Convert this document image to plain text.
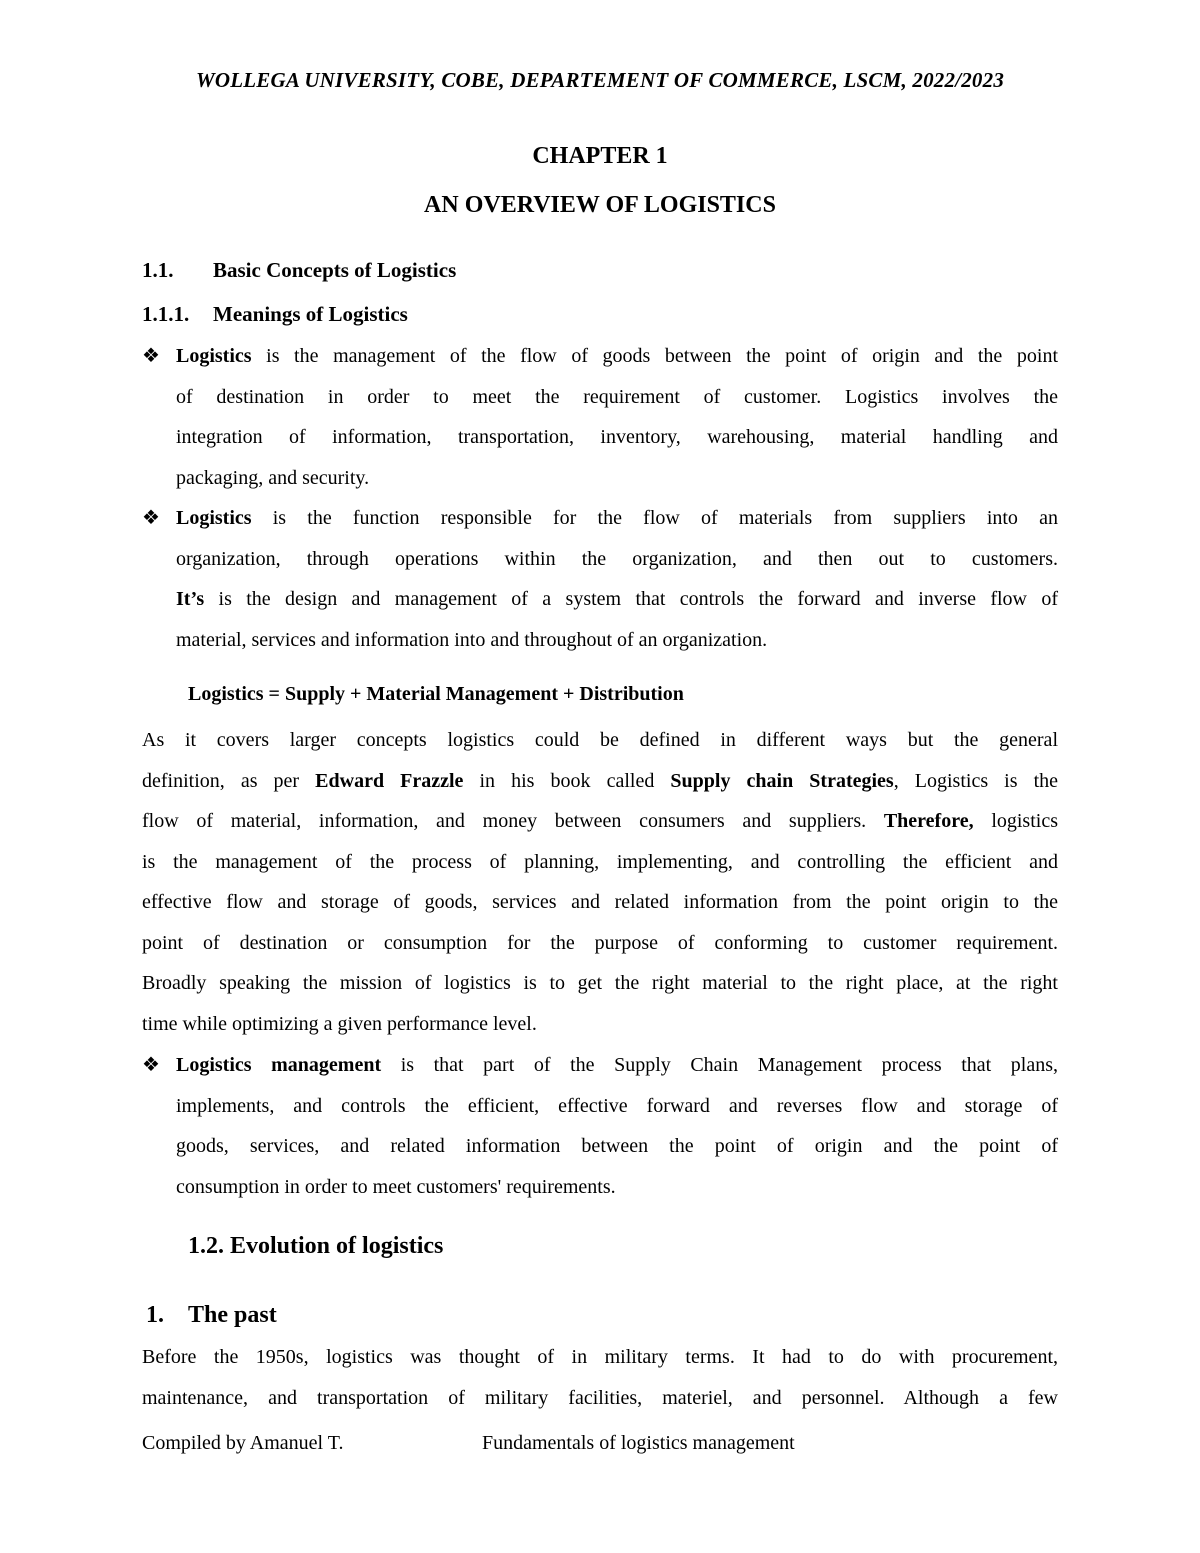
WOLLEGA UNIVERSITY, COBE, DEPARTEMENT OF COMMERCE, LSCM, 2022/2023
CHAPTER 1
AN OVERVIEW OF LOGISTICS
1.1. Basic Concepts of Logistics
1.1.1. Meanings of Logistics
❖ Logistics is the management of the flow of goods between the point of origin and the point
of destination in order to meet the requirement of customer. Logistics involves the
integration of information, transportation, inventory, warehousing, material handling and
packaging, and security.
❖ Logistics is the function responsible for the flow of materials from suppliers into an
organization, through operations within the organization, and then out to customers.
It’s is the design and management of a system that controls the forward and inverse flow of
material, services and information into and throughout of an organization.
Logistics = Supply + Material Management + Distribution
As it covers larger concepts logistics could be defined in different ways but the general
definition, as per Edward Frazzle in his book called Supply chain Strategies, Logistics is the
flow of material, information, and money between consumers and suppliers. Therefore, logistics
is the management of the process of planning, implementing, and controlling the efficient and
effective flow and storage of goods, services and related information from the point origin to the
point of destination or consumption for the purpose of conforming to customer requirement.
Broadly speaking the mission of logistics is to get the right material to the right place, at the right
time while optimizing a given performance level.
❖ Logistics management is that part of the Supply Chain Management process that plans,
implements, and controls the efficient, effective forward and reverses flow and storage of
goods, services, and related information between the point of origin and the point of
consumption in order to meet customers' requirements.
1.2. Evolution of logistics
1. The past
Before the 1950s, logistics was thought of in military terms. It had to do with procurement,
maintenance, and transportation of military facilities, materiel, and personnel. Although a few
Compiled by Amanuel T.	Fundamentals of logistics management
